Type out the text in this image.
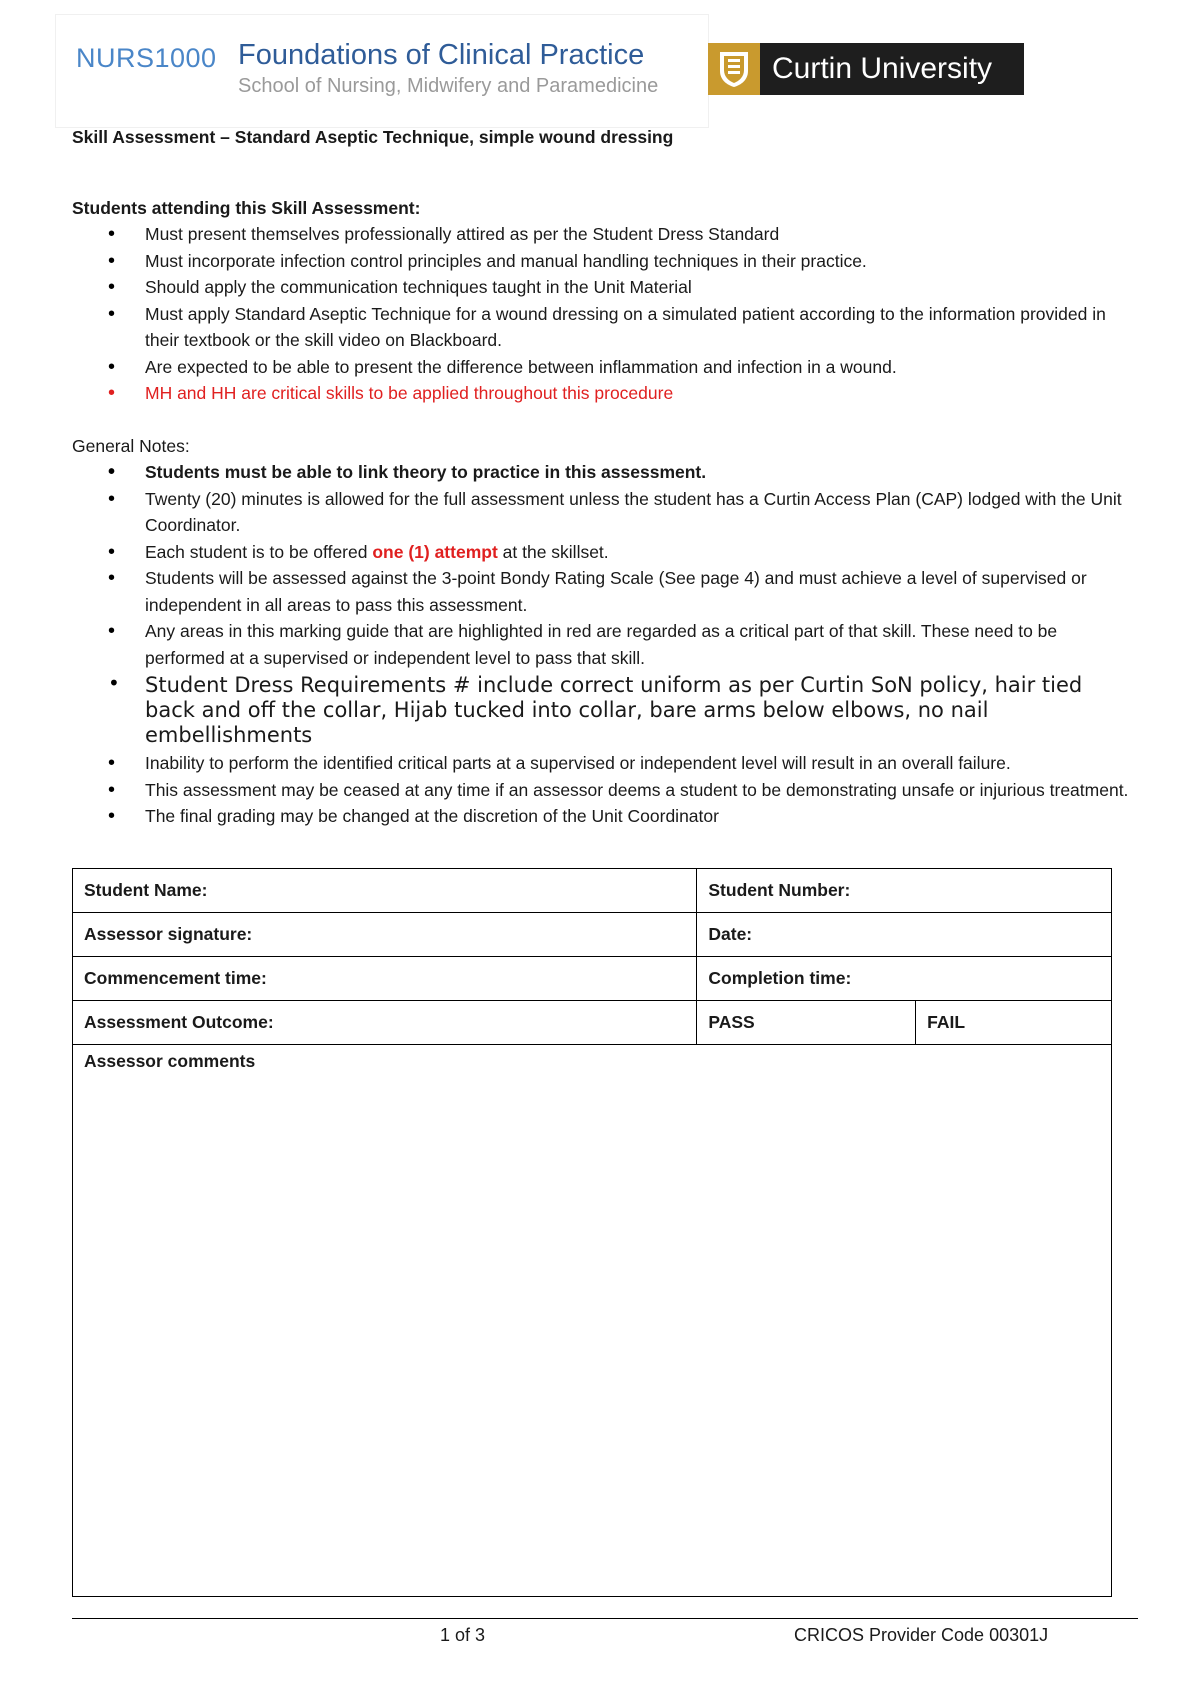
NURS1000 Foundations of Clinical Practice
School of Nursing, Midwifery and Paramedicine
Curtin University

Skill Assessment – Standard Aseptic Technique, simple wound dressing

Students attending this Skill Assessment:

• Must present themselves professionally attired as per the Student Dress Standard
• Must incorporate infection control principles and manual handling techniques in their practice.
• Should apply the communication techniques taught in the Unit Material
• Must apply Standard Aseptic Technique for a wound dressing on a simulated patient according to the information provided in their textbook or the skill video on Blackboard.
• Are expected to be able to present the difference between inflammation and infection in a wound.
• MH and HH are critical skills to be applied throughout this procedure

General Notes:

• Students must be able to link theory to practice in this assessment.
• Twenty (20) minutes is allowed for the full assessment unless the student has a Curtin Access Plan (CAP) lodged with the Unit Coordinator.
• Each student is to be offered one (1) attempt at the skillset.
• Students will be assessed against the 3-point Bondy Rating Scale (See page 4) and must achieve a level of supervised or independent in all areas to pass this assessment.
• Any areas in this marking guide that are highlighted in red are regarded as a critical part of that skill. These need to be performed at a supervised or independent level to pass that skill.
• Student Dress Requirements # include correct uniform as per Curtin SoN policy, hair tied back and off the collar, Hijab tucked into collar, bare arms below elbows, no nail embellishments
• Inability to perform the identified critical parts at a supervised or independent level will result in an overall failure.
• This assessment may be ceased at any time if an assessor deems a student to be demonstrating unsafe or injurious treatment.
• The final grading may be changed at the discretion of the Unit Coordinator
Student Name:	Student Number:	
Assessor signature:	Date:	
Commencement time:	Completion time:	
Assessment Outcome:	PASS	FAIL
Assessor comments		
1 of 3	CRICOS Provider Code 00301J
